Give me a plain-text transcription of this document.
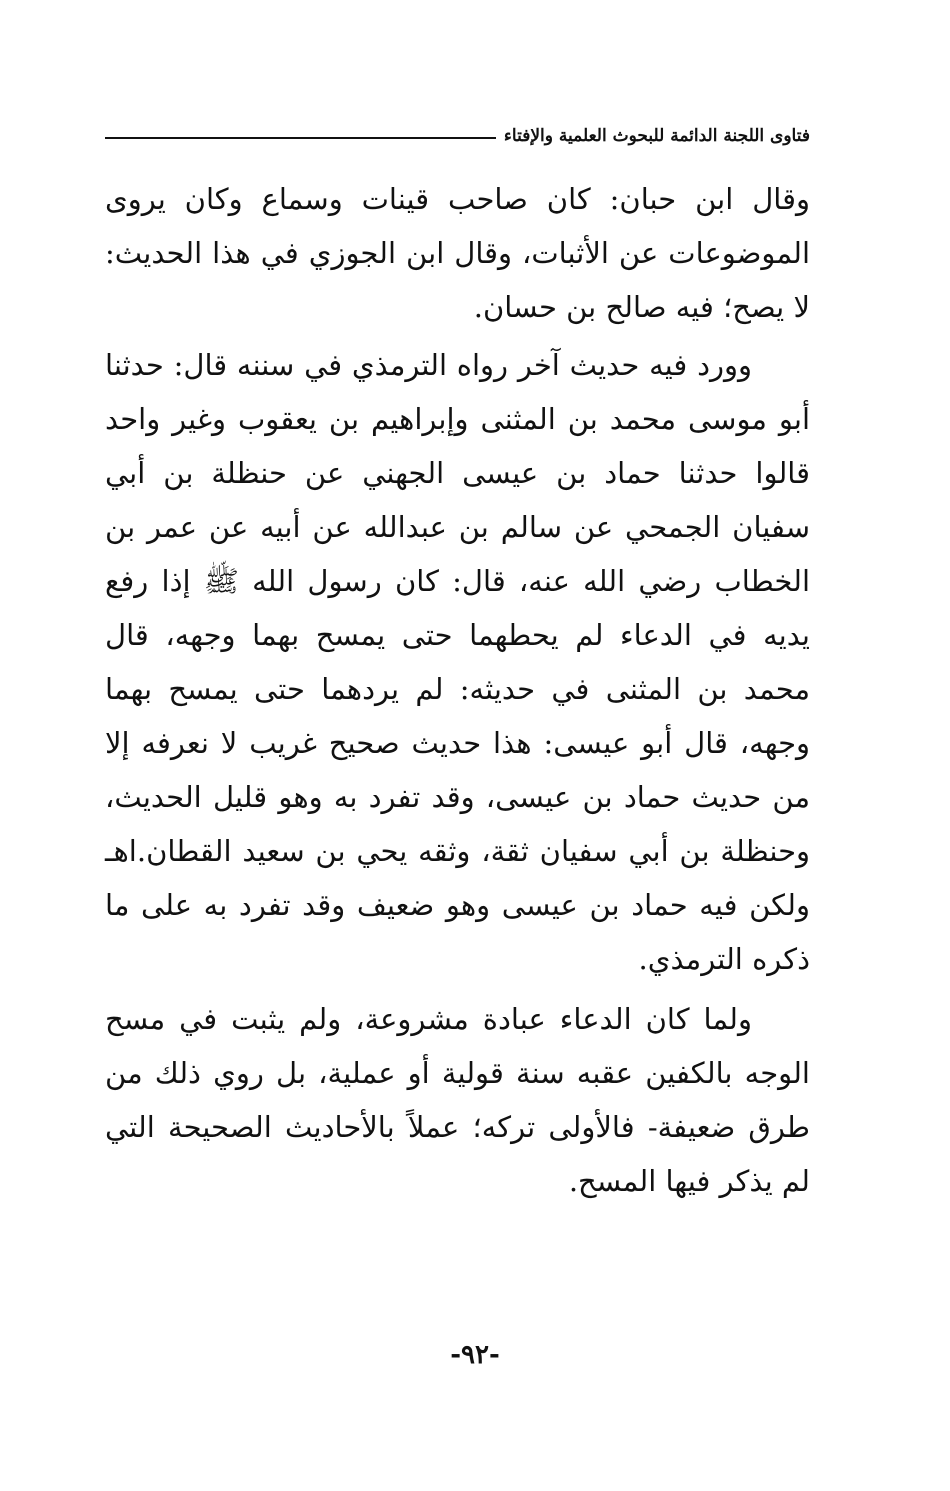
فتاوى اللجنة الدائمة للبحوث العلمية والإفتاء

وقال ابن حبان: كان صاحب قينات وسماع وكان يروى الموضوعات عن الأثبات، وقال ابن الجوزي في هذا الحديث: لا يصح؛ فيه صالح بن حسان.

وورد فيه حديث آخر رواه الترمذي في سننه قال: حدثنا أبو موسى محمد بن المثنى وإبراهيم بن يعقوب وغير واحد قالوا حدثنا حماد بن عيسى الجهني عن حنظلة بن أبي سفيان الجمحي عن سالم بن عبدالله عن أبيه عن عمر بن الخطاب رضي الله عنه، قال: كان رسول الله ﷺ إذا رفع يديه في الدعاء لم يحطهما حتى يمسح بهما وجهه، قال محمد بن المثنى في حديثه: لم يردهما حتى يمسح بهما وجهه، قال أبو عيسى: هذا حديث صحيح غريب لا نعرفه إلا من حديث حماد بن عيسى، وقد تفرد به وهو قليل الحديث، وحنظلة بن أبي سفيان ثقة، وثقه يحي بن سعيد القطان.اهـ ولكن فيه حماد بن عيسى وهو ضعيف وقد تفرد به على ما ذكره الترمذي.

ولما كان الدعاء عبادة مشروعة، ولم يثبت في مسح الوجه بالكفين عقبه سنة قولية أو عملية، بل روي ذلك من طرق ضعيفة- فالأولى تركه؛ عملاً بالأحاديث الصحيحة التي لم يذكر فيها المسح.

-٩٢-
